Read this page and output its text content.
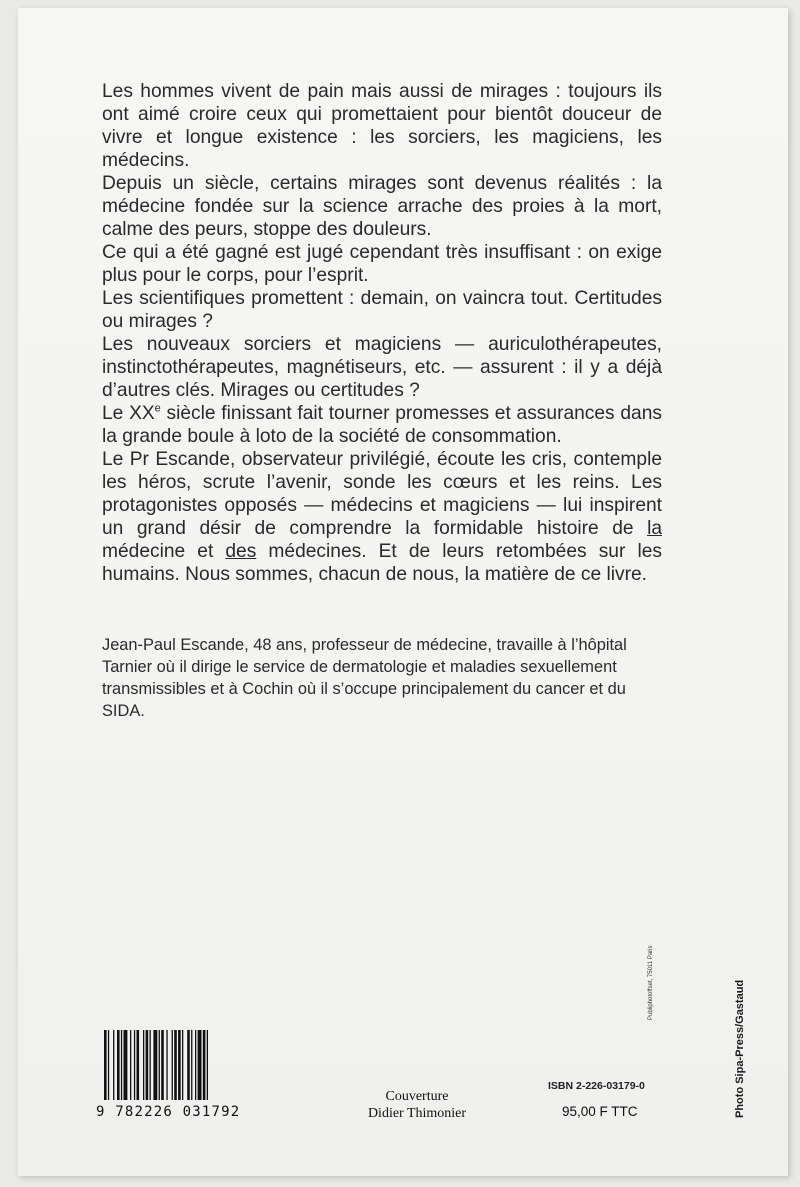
Les hommes vivent de pain mais aussi de mirages : toujours ils ont aimé croire ceux qui promettaient pour bientôt douceur de vivre et longue existence : les sorciers, les magiciens, les médecins.

Depuis un siècle, certains mirages sont devenus réalités : la médecine fondée sur la science arrache des proies à la mort, calme des peurs, stoppe des douleurs.

Ce qui a été gagné est jugé cependant très insuffisant : on exige plus pour le corps, pour l’esprit.

Les scientifiques promettent : demain, on vaincra tout. Certitudes ou mirages ?

Les nouveaux sorciers et magiciens — auriculothérapeutes, instinctothérapeutes, magnétiseurs, etc. — assurent : il y a déjà d’autres clés. Mirages ou certitudes ?

Le XXe siècle finissant fait tourner promesses et assurances dans la grande boule à loto de la société de consommation.

Le Pr Escande, observateur privilégié, écoute les cris, contemple les héros, scrute l’avenir, sonde les cœurs et les reins. Les protagonistes opposés — médecins et magiciens — lui inspirent un grand désir de comprendre la formidable histoire de la médecine et des médecines. Et de leurs retombées sur les humains. Nous sommes, chacun de nous, la matière de ce livre.

Jean-Paul Escande, 48 ans, professeur de médecine, travaille à l’hôpital Tarnier où il dirige le service de dermatologie et maladies sexuellement transmissibles et à Cochin où il s’occupe principalement du cancer et du SIDA.

9 782226 031792
Couverture
Didier Thimonier
ISBN 2-226-03179-0
95,00 F TTC
Publiphotoffset, 75011 Paris	Photo Sipa-Press/Gastaud
